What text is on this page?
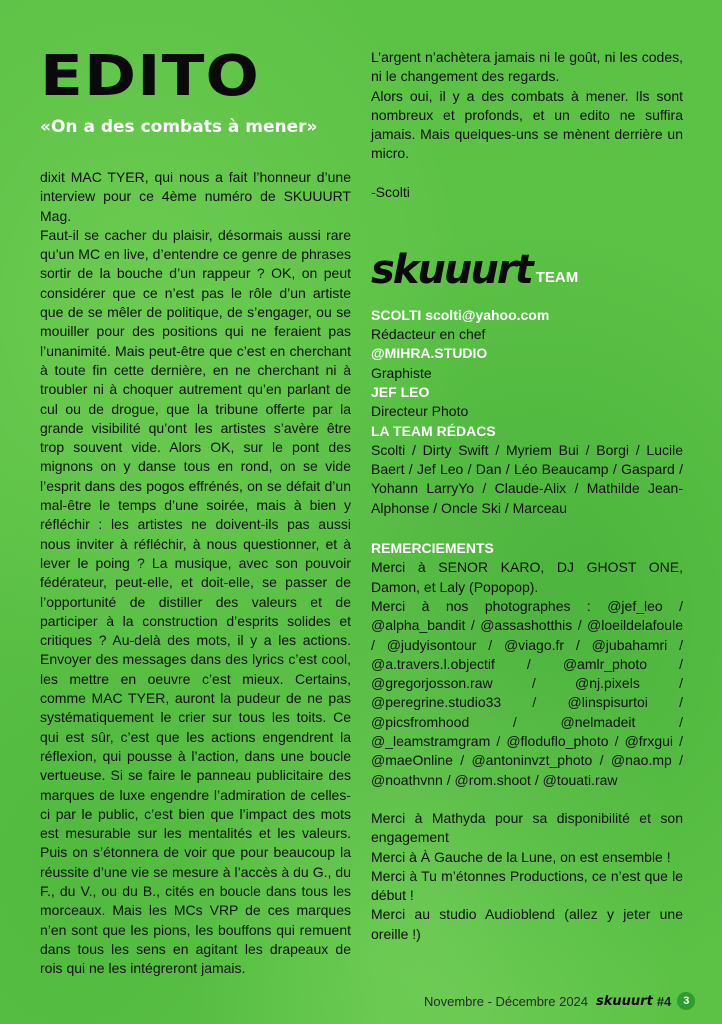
EDITO
«On a des combats à mener»

dixit MAC TYER, qui nous a fait l’honneur d’une interview pour ce 4ème numéro de SKUUURT Mag.
Faut-il se cacher du plaisir, désormais aussi rare qu’un MC en live, d’entendre ce genre de phrases sortir de la bouche d’un rappeur ? OK, on peut considérer que ce n’est pas le rôle d’un artiste que de se mêler de politique, de s’engager, ou se mouiller pour des positions qui ne feraient pas l’unanimité. Mais peut-être que c’est en cherchant à toute fin cette dernière, en ne cherchant ni à troubler ni à choquer autrement qu’en parlant de cul ou de drogue, que la tribune offerte par la grande visibilité qu’ont les artistes s’avère être trop souvent vide. Alors OK, sur le pont des mignons on y danse tous en rond, on se vide l’esprit dans des pogos effrénés, on se défait d’un mal-être le temps d’une soirée, mais à bien y réfléchir : les artistes ne doivent-ils pas aussi nous inviter à réfléchir, à nous questionner, et à lever le poing ? La musique, avec son pouvoir fédérateur, peut-elle, et doit-elle, se passer de l’opportunité de distiller des valeurs et de participer à la construction d’esprits solides et critiques ? Au-delà des mots, il y a les actions. Envoyer des messages dans des lyrics c’est cool, les mettre en oeuvre c’est mieux. Certains, comme MAC TYER, auront la pudeur de ne pas systématiquement le crier sur tous les toits. Ce qui est sûr, c’est que les actions engendrent la réflexion, qui pousse à l’action, dans une boucle vertueuse. Si se faire le panneau publicitaire des marques de luxe engendre l’admiration de celles-ci par le public, c’est bien que l’impact des mots est mesurable sur les mentalités et les valeurs. Puis on s’étonnera de voir que pour beaucoup la réussite d’une vie se mesure à l’accès à du G., du F., du V., ou du B., cités en boucle dans tous les morceaux. Mais les MCs VRP de ces marques n’en sont que les pions, les bouffons qui remuent dans tous les sens en agitant les drapeaux de rois qui ne les intégreront jamais.

L’argent n’achètera jamais ni le goût, ni les codes, ni le changement des regards.

Alors oui, il y a des combats à mener. Ils sont nombreux et profonds, et un edito ne suffira jamais. Mais quelques-uns se mènent derrière un micro.

-Scolti
skuuurt TEAM
SCOLTI scolti@yahoo.com
Rédacteur en chef
@MIHRA.STUDIO
Graphiste
JEF LEO
Directeur Photo
LA TEAM RÉDACS
Scolti / Dirty Swift / Myriem Bui / Borgi / Lucile Baert / Jef Leo / Dan / Léo Beaucamp / Gaspard / Yohann LarryYo / Claude-Alix / Mathilde Jean-Alphonse / Oncle Ski / Marceau
REMERCIEMENTS
Merci à SENOR KARO, DJ GHOST ONE, Damon, et Laly (Popopop).
Merci à nos photographes : @jef_leo / @alpha_bandit / @assashotthis / @loeildelafoule / @judyisontour / @viago.fr / @jubahamri / @a.travers.l.objectif / @amlr_photo / @gregorjosson.raw / @nj.pixels / @peregrine.studio33 / @linspisurtoi / @picsfromhood / @nelmadeit / @_leamstramgram / @floduflo_photo / @frxgui / @maeOnline / @antoninvzt_photo / @nao.mp / @noathvnn / @rom.shoot / @touati.raw
Merci à Mathyda pour sa disponibilité et son engagement
Merci à À Gauche de la Lune, on est ensemble !
Merci à Tu m’étonnes Productions, ce n’est que le début !
Merci au studio Audioblend (allez y jeter une oreille !)
Novembre - Décembre 2024 skuuurt #4	3
